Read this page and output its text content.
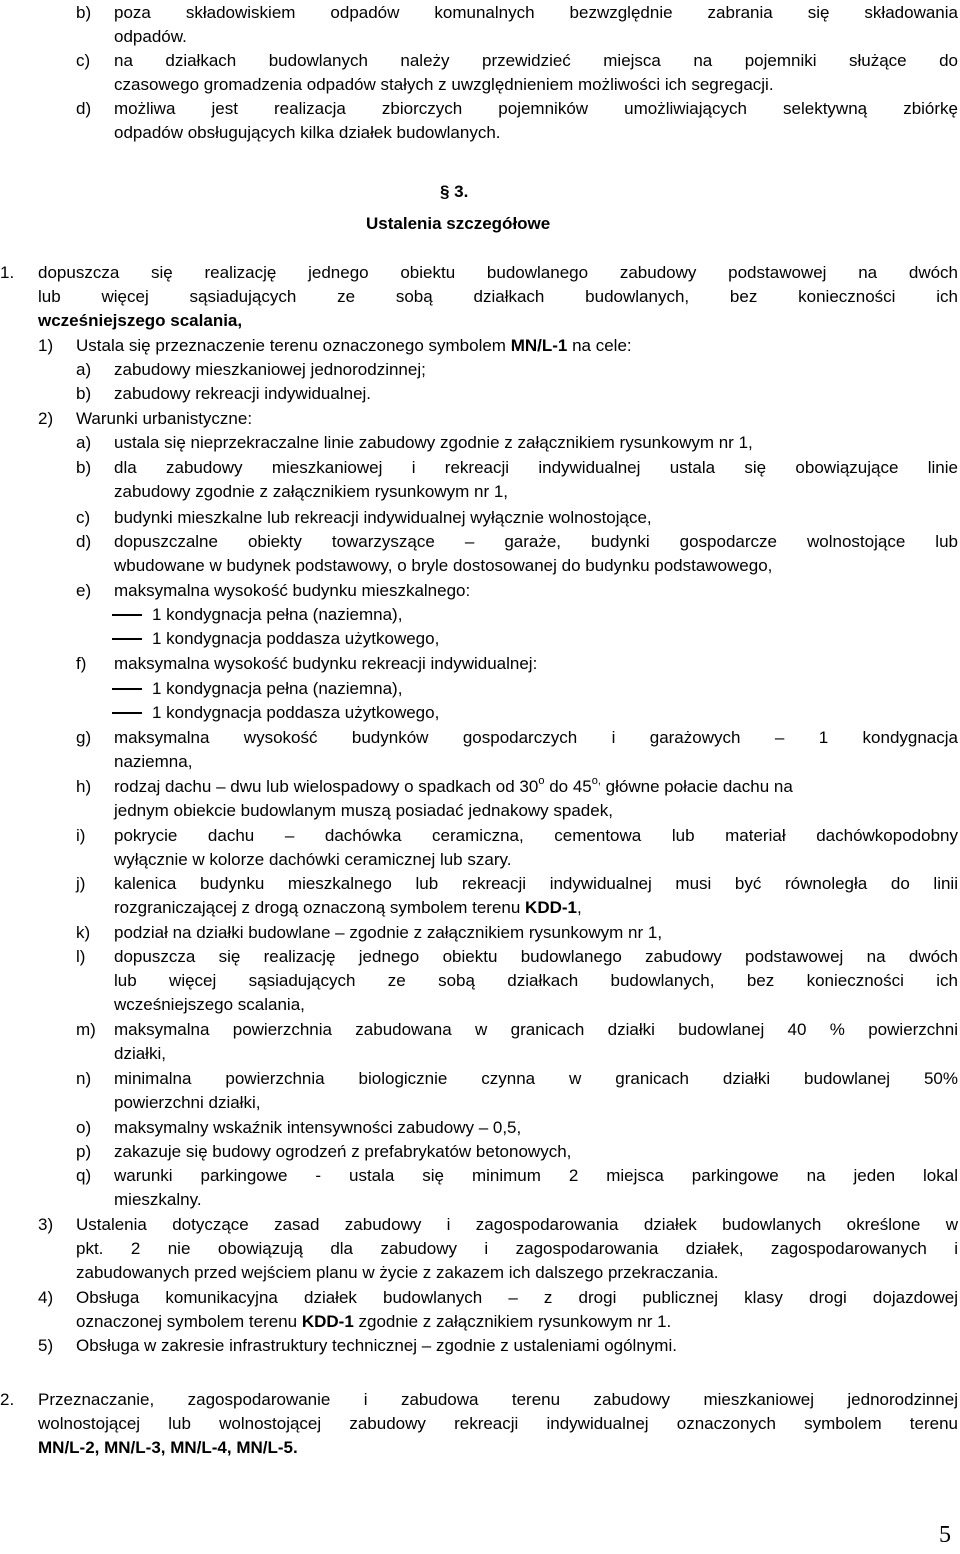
b) poza składowiskiem odpadów komunalnych bezwzględnie zabrania się składowania
odpadów.
c) na działkach budowlanych należy przewidzieć miejsca na pojemniki służące do
czasowego gromadzenia odpadów stałych z uwzględnieniem możliwości ich segregacji.
d) możliwa jest realizacja zbiorczych pojemników umożliwiających selektywną zbiórkę
odpadów obsługujących kilka działek budowlanych.
§ 3.
Ustalenia szczegółowe
1. dopuszcza się realizację jednego obiektu budowlanego zabudowy podstawowej na dwóch
lub więcej sąsiadujących ze sobą działkach budowlanych, bez konieczności ich
wcześniejszego scalania,
1) Ustala się przeznaczenie terenu oznaczonego symbolem MN/L-1 na cele:
a) zabudowy mieszkaniowej jednorodzinnej;
b) zabudowy rekreacji indywidualnej.
2) Warunki urbanistyczne:
a) ustala się nieprzekraczalne linie zabudowy zgodnie z załącznikiem rysunkowym nr 1,
b) dla zabudowy mieszkaniowej i rekreacji indywidualnej ustala się obowiązujące linie
zabudowy zgodnie z załącznikiem rysunkowym nr 1,
c) budynki mieszkalne lub rekreacji indywidualnej wyłącznie wolnostojące,
d) dopuszczalne obiekty towarzyszące – garaże, budynki gospodarcze wolnostojące lub
wbudowane w budynek podstawowy, o bryle dostosowanej do budynku podstawowego,
e) maksymalna wysokość budynku mieszkalnego:
1 kondygnacja pełna (naziemna),
1 kondygnacja poddasza użytkowego,
f) maksymalna wysokość budynku rekreacji indywidualnej:
1 kondygnacja pełna (naziemna),
1 kondygnacja poddasza użytkowego,
g) maksymalna wysokość budynków gospodarczych i garażowych – 1 kondygnacja
naziemna,
h) rodzaj dachu – dwu lub wielospadowy o spadkach od 30$^o$ do $45^{o,}$ główne połacie dachu na
jednym obiekcie budowlanym muszą posiadać jednakowy spadek,
i) pokrycie dachu – dachówka ceramiczna, cementowa lub materiał dachówkopodobny
wyłącznie w kolorze dachówki ceramicznej lub szary.
j) kalenica budynku mieszkalnego lub rekreacji indywidualnej musi być równoległa do linii
rozgraniczającej z drogą oznaczoną symbolem terenu KDD-1,
k) podział na działki budowlane – zgodnie z załącznikiem rysunkowym nr 1,
l) dopuszcza się realizację jednego obiektu budowlanego zabudowy podstawowej na dwóch
lub więcej sąsiadujących ze sobą działkach budowlanych, bez konieczności ich
wcześniejszego scalania,
m) maksymalna powierzchnia zabudowana w granicach działki budowlanej 40 % powierzchni
działki,
n) minimalna powierzchnia biologicznie czynna w granicach działki budowlanej 50%
powierzchni działki,
o) maksymalny wskaźnik intensywności zabudowy – 0,5,
p) zakazuje się budowy ogrodzeń z prefabrykatów betonowych,
q) warunki parkingowe - ustala się minimum 2 miejsca parkingowe na jeden lokal
mieszkalny.
3) Ustalenia dotyczące zasad zabudowy i zagospodarowania działek budowlanych określone w
pkt. 2 nie obowiązują dla zabudowy i zagospodarowania działek, zagospodarowanych i
zabudowanych przed wejściem planu w życie z zakazem ich dalszego przekraczania.
4) Obsługa komunikacyjna działek budowlanych – z drogi publicznej klasy drogi dojazdowej
oznaczonej symbolem terenu KDD-1 zgodnie z załącznikiem rysunkowym nr 1.
5) Obsługa w zakresie infrastruktury technicznej – zgodnie z ustaleniami ogólnymi.
2. Przeznaczanie, zagospodarowanie i zabudowa terenu zabudowy mieszkaniowej jednorodzinnej
wolnostojącej lub wolnostojącej zabudowy rekreacji indywidualnej oznaczonych symbolem terenu
MN/L-2, MN/L-3, MN/L-4, MN/L-5.
5
